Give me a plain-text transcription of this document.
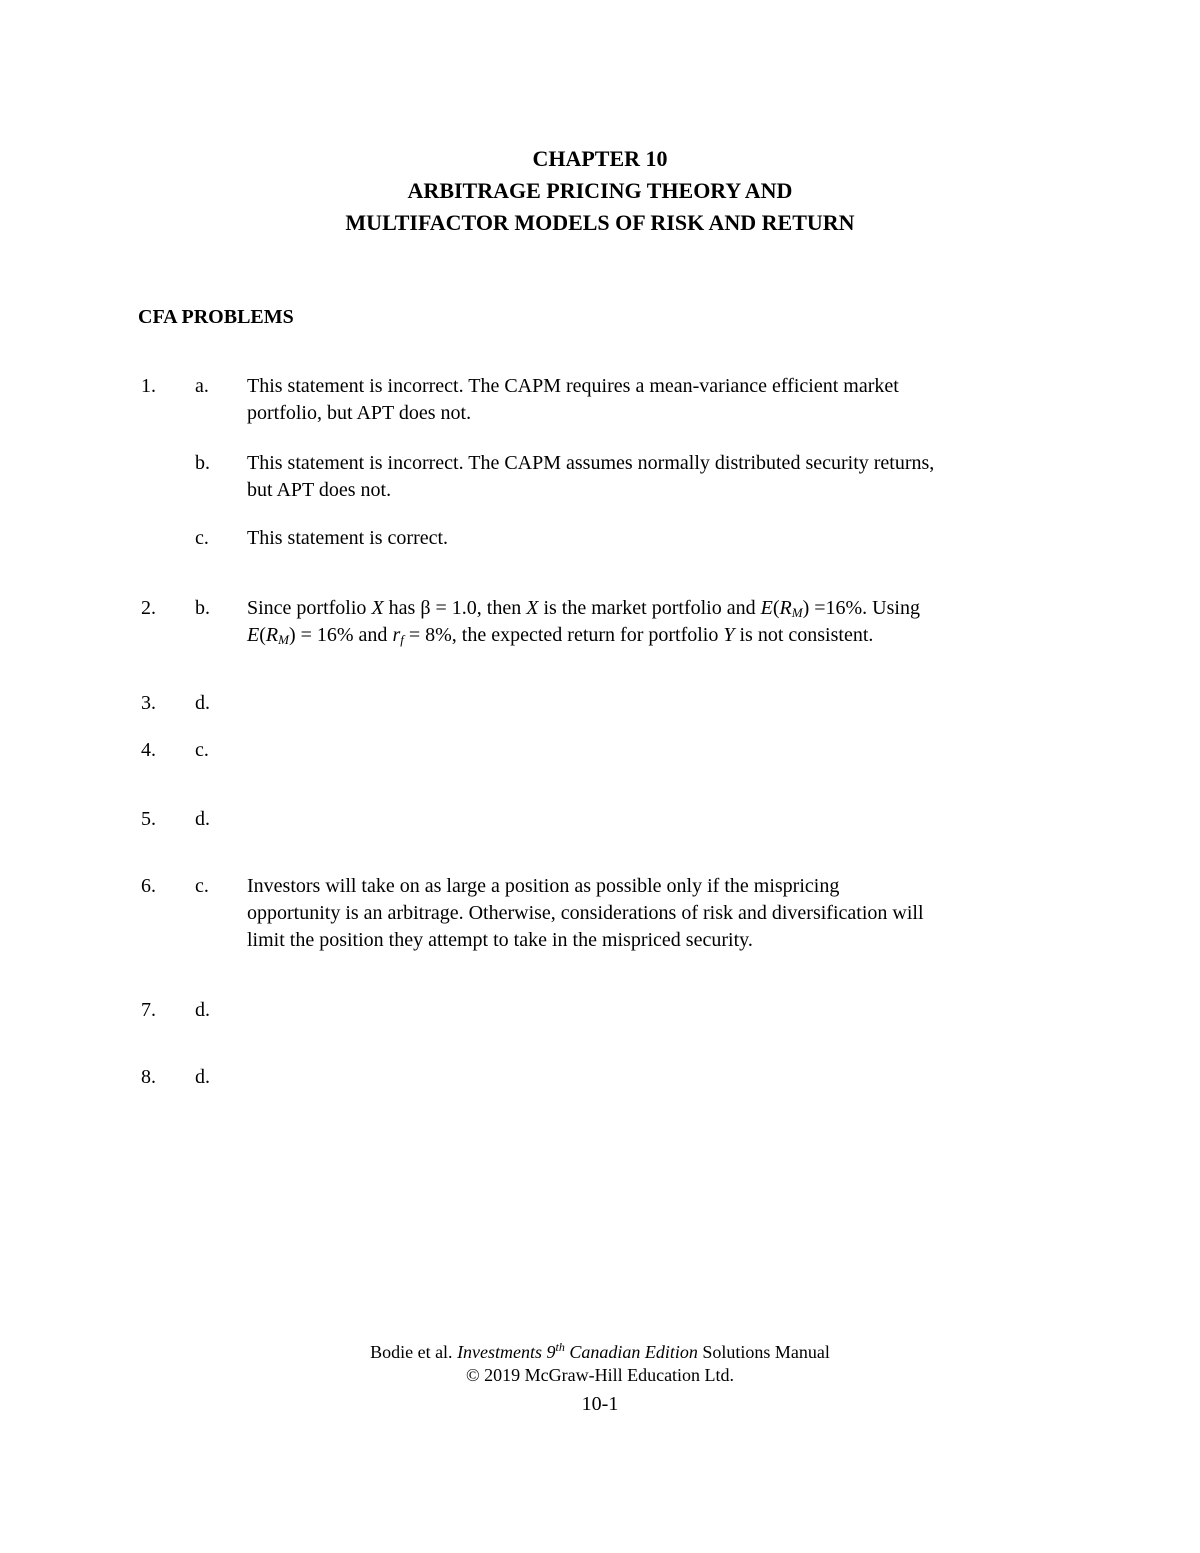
CHAPTER 10
ARBITRAGE PRICING THEORY AND
MULTIFACTOR MODELS OF RISK AND RETURN
CFA PROBLEMS
1. a. This statement is incorrect. The CAPM requires a mean-variance efficient market
portfolio, but APT does not.
b. This statement is incorrect. The CAPM assumes normally distributed security returns,
but APT does not.
c. This statement is correct.
2. b. Since portfolio X has β = 1.0, then X is the market portfolio and $E(R_M) =16\%$. Using
$E(R_M) = 16\%$ and $r_f = 8\%$, the expected return for portfolio Y is not consistent.
3. d.
4. c.
5. d.
6. c. Investors will take on as large a position as possible only if the mispricing
opportunity is an arbitrage. Otherwise, considerations of risk and diversification will
limit the position they attempt to take in the mispriced security.
7. d.
8. d.
Bodie et al. Investments 9th Canadian Edition Solutions Manual
© 2019 McGraw-Hill Education Ltd.
10-1
